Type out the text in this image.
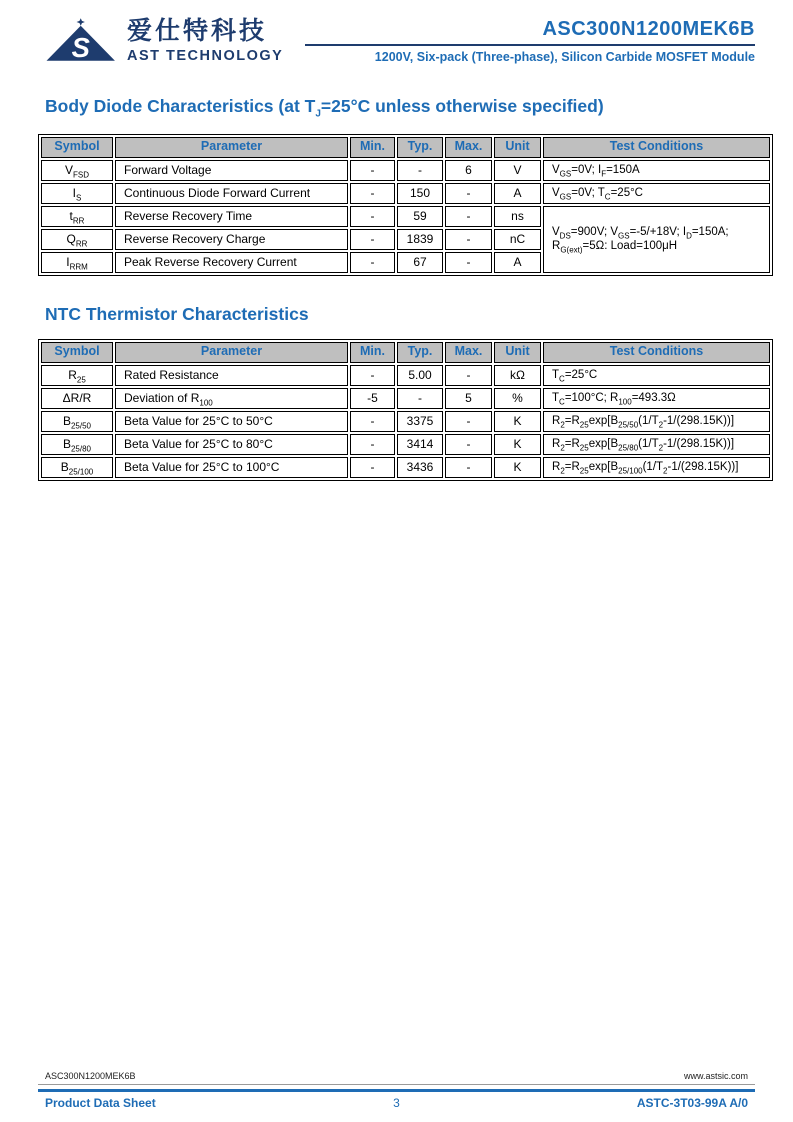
S
爱仕特科技
AST TECHNOLOGY
ASC300N1200MEK6B
1200V, Six-pack (Three-phase), Silicon Carbide MOSFET Module
Body Diode Characteristics (at $T_J=25^\circ C$ unless otherwise specified)
Symbol	Parameter	Min.	Typ.	Max.	Unit	Test Conditions
$V_{FSD}$	Forward Voltage	-	-	6	V	$V_{GS}=0V$; $I_F=150A$
$I_S$	Continuous Diode Forward Current	-	150	-	A	$V_{GS}=0V$; $T_C=25^\circ C$
$t_{RR}$	Reverse Recovery Time	-	59	-	ns	$V_{DS}=900V$; $V_{GS}=-5/+18V$; $I_D=150A$; $R_{G(ext)}=5\Omega$: Load=100μH
$Q_{RR}$	Reverse Recovery Charge	-	1839	-	nC	
$I_{RRM}$	Peak Reverse Recovery Current	-	67	-	A	
NTC Thermistor Characteristics
Symbol	Parameter	Min.	Typ.	Max.	Unit	Test Conditions
$R_{25}$	Rated Resistance	-	5.00	-	kΩ	$T_C=25^\circ C$
ΔR/R	Deviation of $R_{100}$	-5	-	5	%	$T_C=100^\circ C$; $R_{100}=493.3\Omega$
$B_{25/50}$	Beta Value for 25°C to 50°C	-	3375	-	K	$R_2=R_{25}\exp[B_{25/50}(1/T_2-1/(298.15K))]$
$B_{25/80}$	Beta Value for 25°C to 80°C	-	3414	-	K	$R_2=R_{25}\exp[B_{25/80}(1/T_2-1/(298.15K))]$
$B_{25/100}$	Beta Value for 25°C to 100°C	-	3436	-	K	$R_2=R_{25}\exp[B_{25/100}(1/T_2-1/(298.15K))]$
ASC300N1200MEK6B	www.astsic.com
Product Data Sheet	3	ASTC-3T03-99A A/0
